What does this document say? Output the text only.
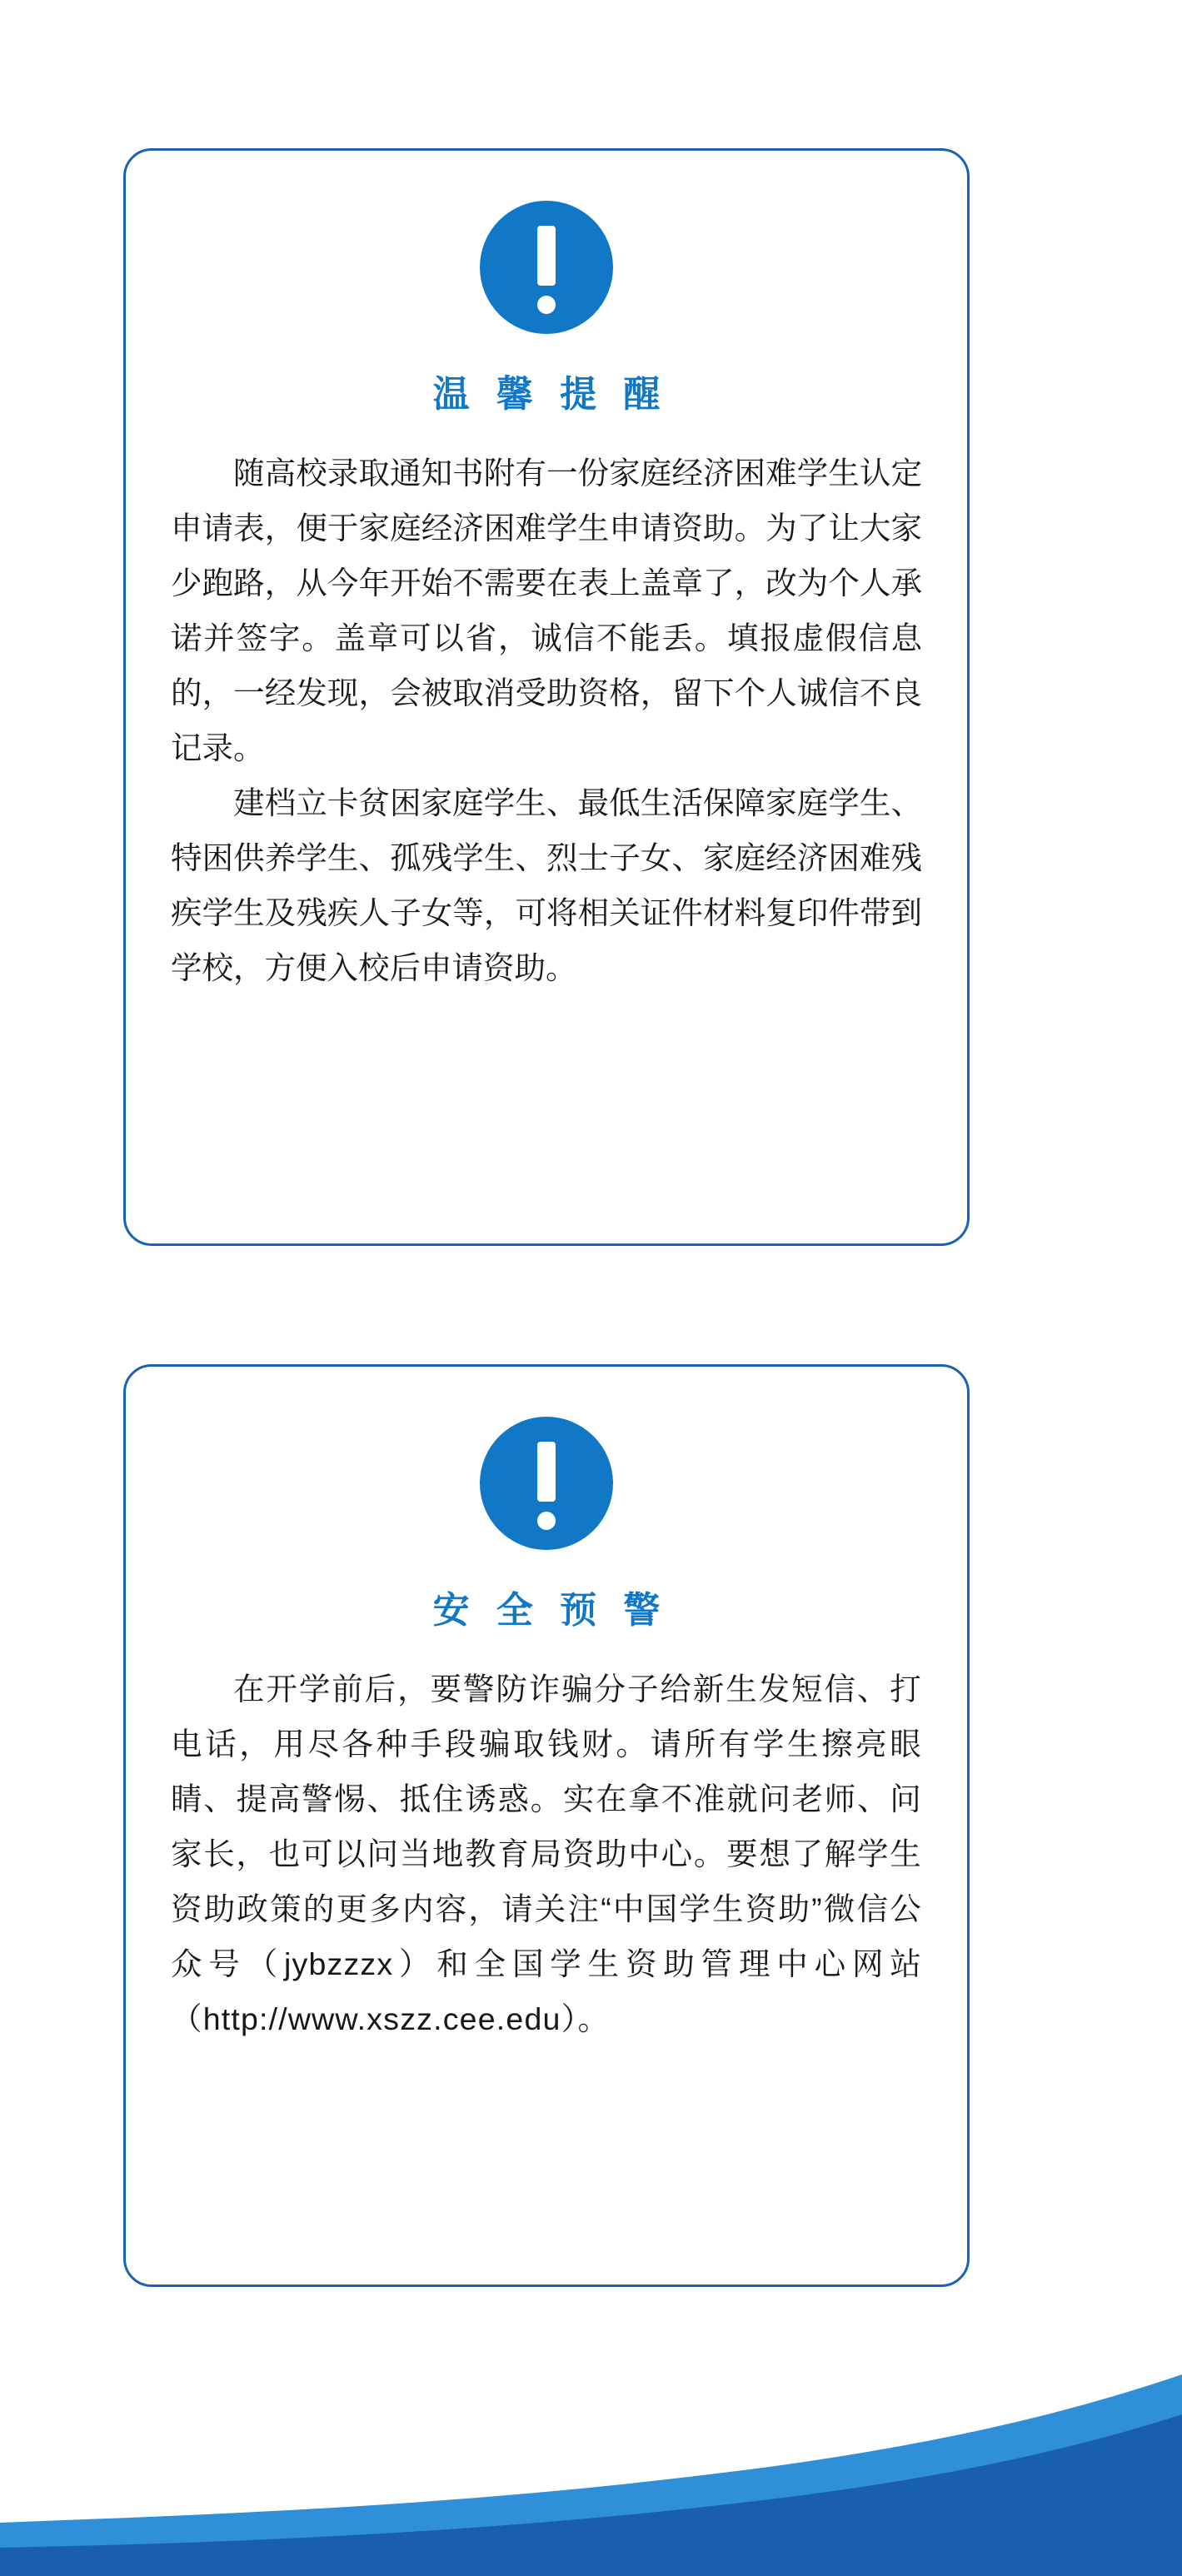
温 馨 提 醒

随高校录取通知书附有一份家庭经济困难学生认定申请表，便于家庭经济困难学生申请资助。为了让大家少跑路，从今年开始不需要在表上盖章了，改为个人承诺并签字。盖章可以省，诚信不能丢。填报虚假信息的，一经发现，会被取消受助资格，留下个人诚信不良记录。

建档立卡贫困家庭学生、最低生活保障家庭学生、特困供养学生、孤残学生、烈士子女、家庭经济困难残疾学生及残疾人子女等，可将相关证件材料复印件带到学校，方便入校后申请资助。

安 全 预 警

在开学前后，要警防诈骗分子给新生发短信、打电话，用尽各种手段骗取钱财。请所有学生擦亮眼睛、提高警惕、抵住诱惑。实在拿不准就问老师、问家长，也可以问当地教育局资助中心。要想了解学生资助政策的更多内容，请关注“中国学生资助”微信公众号（jybzzzx）和全国学生资助管理中心网站（http://www.xszz.cee.edu）。
